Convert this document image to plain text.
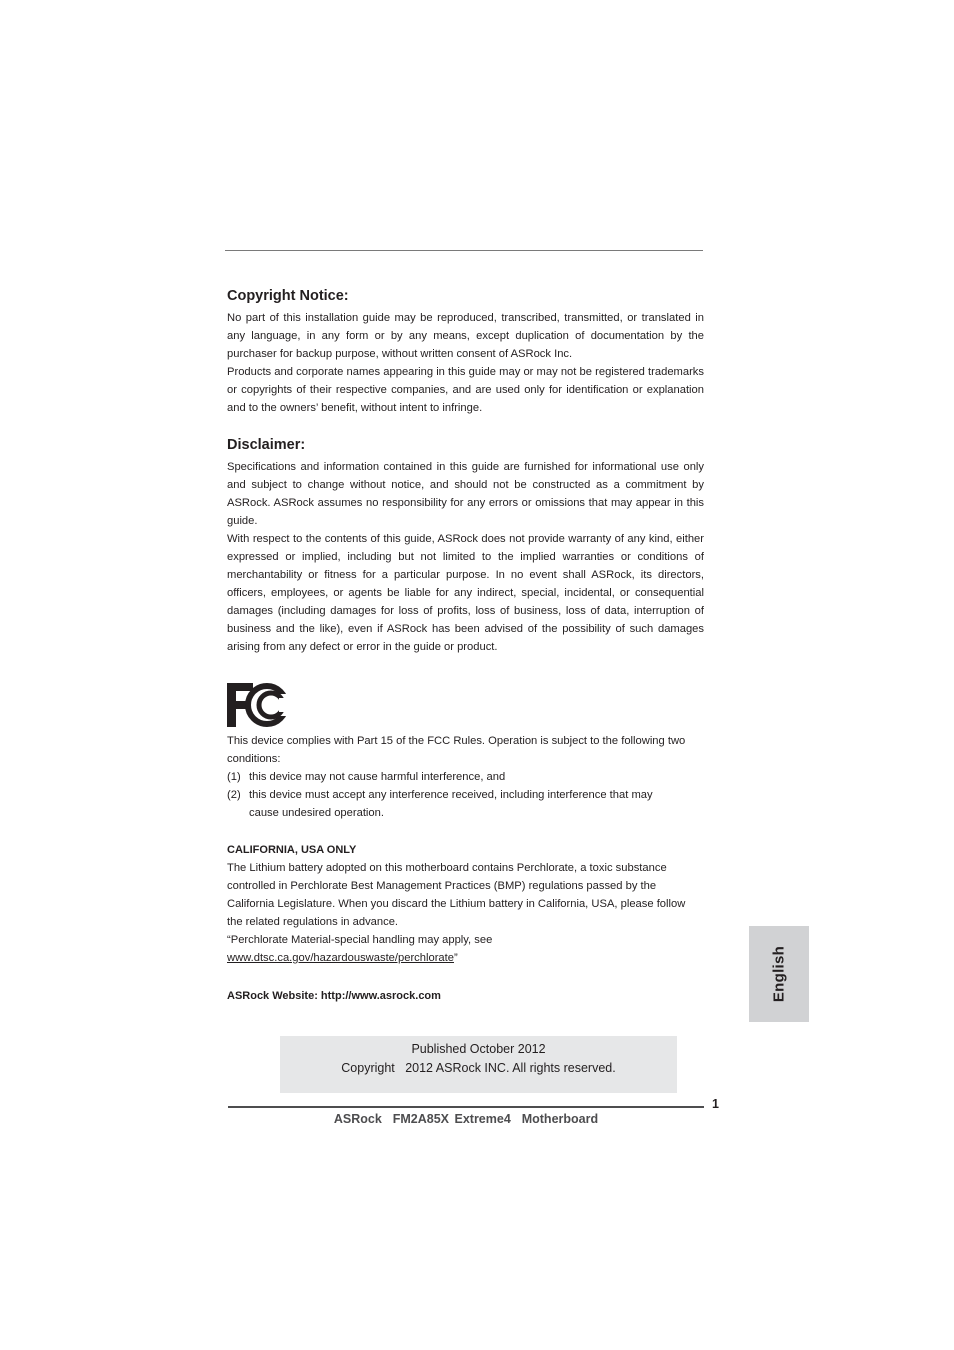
Copyright Notice:

No part of this installation guide may be reproduced, transcribed, transmitted, or translated in any language, in any form or by any means, except duplication of documentation by the purchaser for backup purpose, without written consent of ASRock Inc.

Products and corporate names appearing in this guide may or may not be registered trademarks or copyrights of their respective companies, and are used only for identification or explanation and to the owners’ benefit, without intent to infringe.

Disclaimer:

Specifications and information contained in this guide are furnished for informational use only and subject to change without notice, and should not be constructed as a commitment by ASRock. ASRock assumes no responsibility for any errors or omissions that may appear in this guide.

With respect to the contents of this guide, ASRock does not provide warranty of any kind, either expressed or implied, including but not limited to the implied warranties or conditions of merchantability or fitness for a particular purpose. In no event shall ASRock, its directors, officers, employees, or agents be liable for any indirect, special, incidental, or consequential damages (including damages for loss of profits, loss of business, loss of data, interruption of business and the like), even if ASRock has been advised of the possibility of such damages arising from any defect or error in the guide or product.

This device complies with Part 15 of the FCC Rules. Operation is subject to the following two conditions:

(1) this device may not cause harmful interference, and
(2) this device must accept any interference received, including interference that may cause undesired operation.
CALIFORNIA, USA ONLY

The Lithium battery adopted on this motherboard contains Perchlorate, a toxic substance controlled in Perchlorate Best Management Practices (BMP) regulations passed by the California Legislature. When you discard the Lithium battery in California, USA, please follow the related regulations in advance.

“Perchlorate Material-special handling may apply, see
www.dtsc.ca.gov/hazardouswaste/perchlorate”

ASRock Website: http://www.asrock.com
Published October 2012
Copyright   2012 ASRock INC. All rights reserved.
1
ASRock  FM2A85X Extreme4  Motherboard
English
